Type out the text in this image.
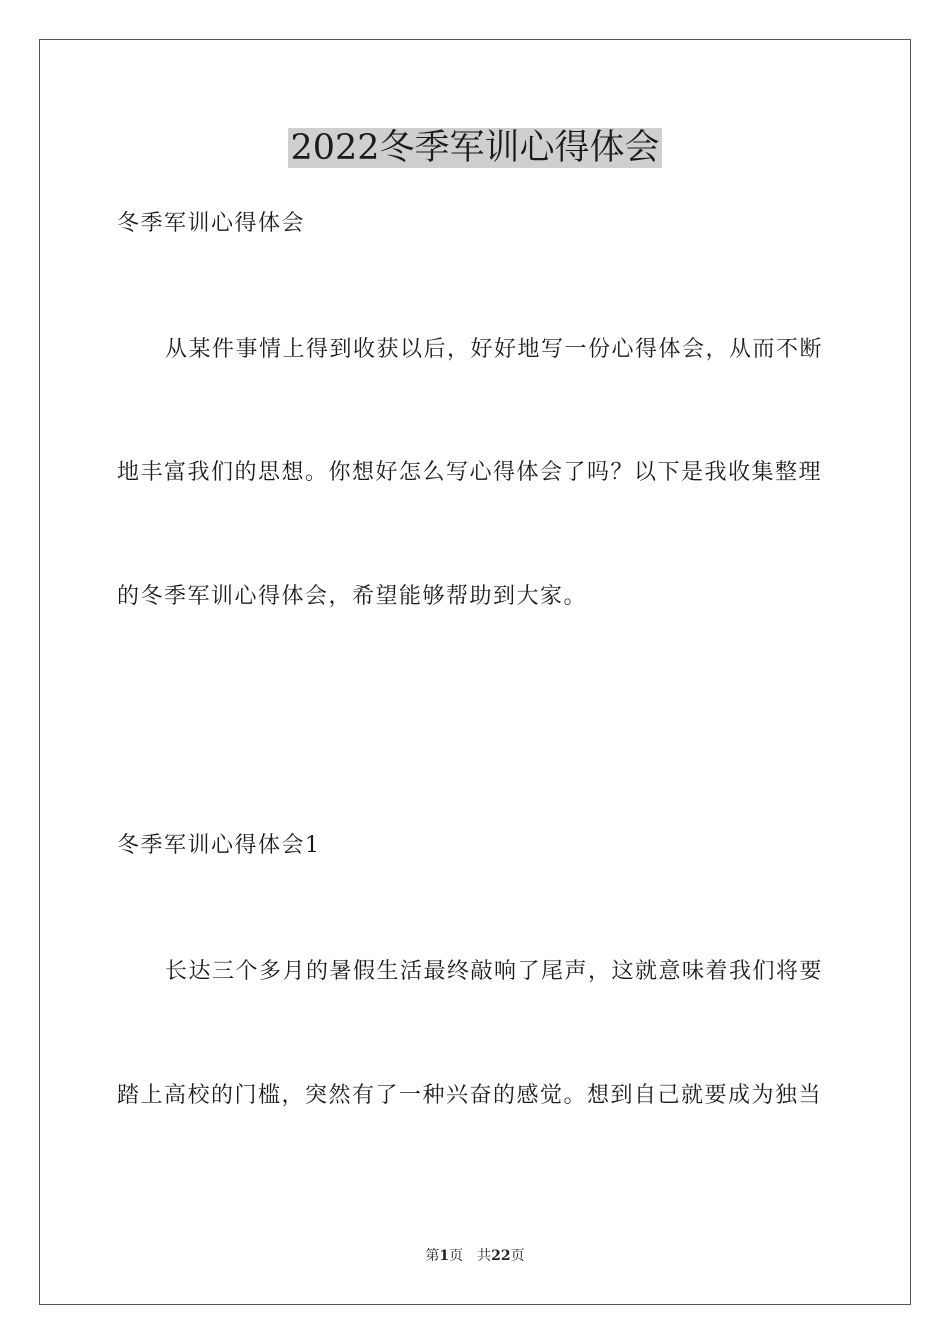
2022冬季军训心得体会
冬季军训心得体会
从某件事情上得到收获以后，好好地写一份心得体会，从而不断
地丰富我们的思想。你想好怎么写心得体会了吗？以下是我收集整理
的冬季军训心得体会，希望能够帮助到大家。
冬季军训心得体会1
长达三个多月的暑假生活最终敲响了尾声，这就意味着我们将要
踏上高校的门槛，突然有了一种兴奋的感觉。想到自己就要成为独当
第1页　共22页
